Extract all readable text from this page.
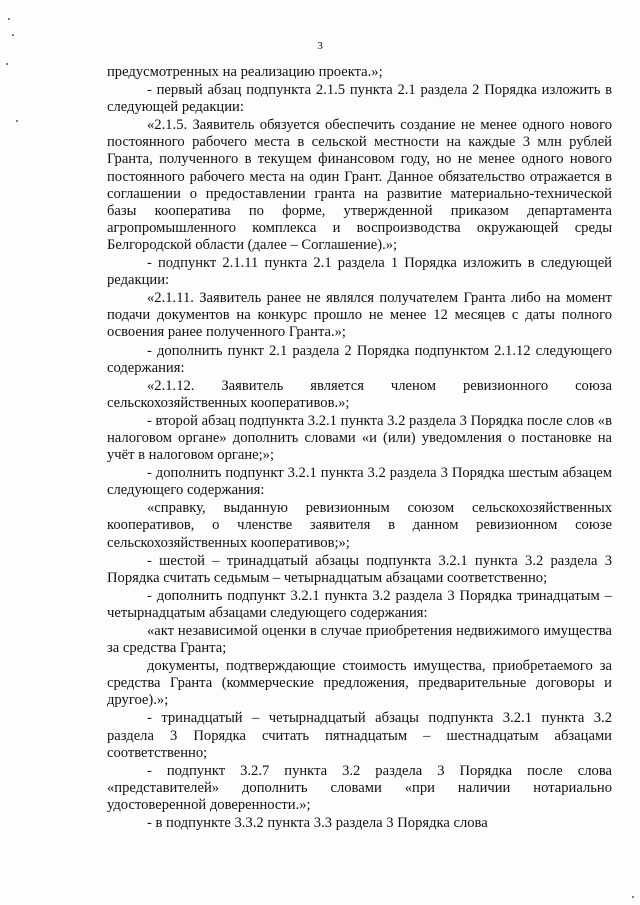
3

предусмотренных на реализацию проекта.»;

- первый абзац подпункта 2.1.5 пункта 2.1 раздела 2 Порядка изложить в следующей редакции:

«2.1.5. Заявитель обязуется обеспечить создание не менее одного нового постоянного рабочего места в сельской местности на каждые 3 млн рублей Гранта, полученного в текущем финансовом году, но не менее одного нового постоянного рабочего места на один Грант. Данное обязательство отражается в соглашении о предоставлении гранта на развитие материально-технической базы кооператива по форме, утвержденной приказом департамента агропромышленного комплекса и воспроизводства окружающей среды Белгородской области (далее – Соглашение).»;

- подпункт 2.1.11 пункта 2.1 раздела 1 Порядка изложить в следующей редакции:

«2.1.11. Заявитель ранее не являлся получателем Гранта либо на момент подачи документов на конкурс прошло не менее 12 месяцев с даты полного освоения ранее полученного Гранта.»;

- дополнить пункт 2.1 раздела 2 Порядка подпунктом 2.1.12 следующего содержания:

«2.1.12. Заявитель является членом ревизионного союза сельскохозяйственных кооперативов.»;

- второй абзац подпункта 3.2.1 пункта 3.2 раздела 3 Порядка после слов «в налоговом органе» дополнить словами «и (или) уведомления о постановке на учёт в налоговом органе;»;

- дополнить подпункт 3.2.1 пункта 3.2 раздела 3 Порядка шестым абзацем следующего содержания:

«справку, выданную ревизионным союзом сельскохозяйственных кооперативов, о членстве заявителя в данном ревизионном союзе сельскохозяйственных кооперативов;»;

- шестой – тринадцатый абзацы подпункта 3.2.1 пункта 3.2 раздела 3 Порядка считать седьмым – четырнадцатым абзацами соответственно;

- дополнить подпункт 3.2.1 пункта 3.2 раздела 3 Порядка тринадцатым – четырнадцатым абзацами следующего содержания:

«акт независимой оценки в случае приобретения недвижимого имущества за средства Гранта;

документы, подтверждающие стоимость имущества, приобретаемого за средства Гранта (коммерческие предложения, предварительные договоры и другое).»;

- тринадцатый – четырнадцатый абзацы подпункта 3.2.1 пункта 3.2 раздела 3 Порядка считать пятнадцатым – шестнадцатым абзацами соответственно;

- подпункт 3.2.7 пункта 3.2 раздела 3 Порядка после слова «представителей» дополнить словами «при наличии нотариально удостоверенной доверенности.»;

- в подпункте 3.3.2 пункта 3.3 раздела 3 Порядка слова
